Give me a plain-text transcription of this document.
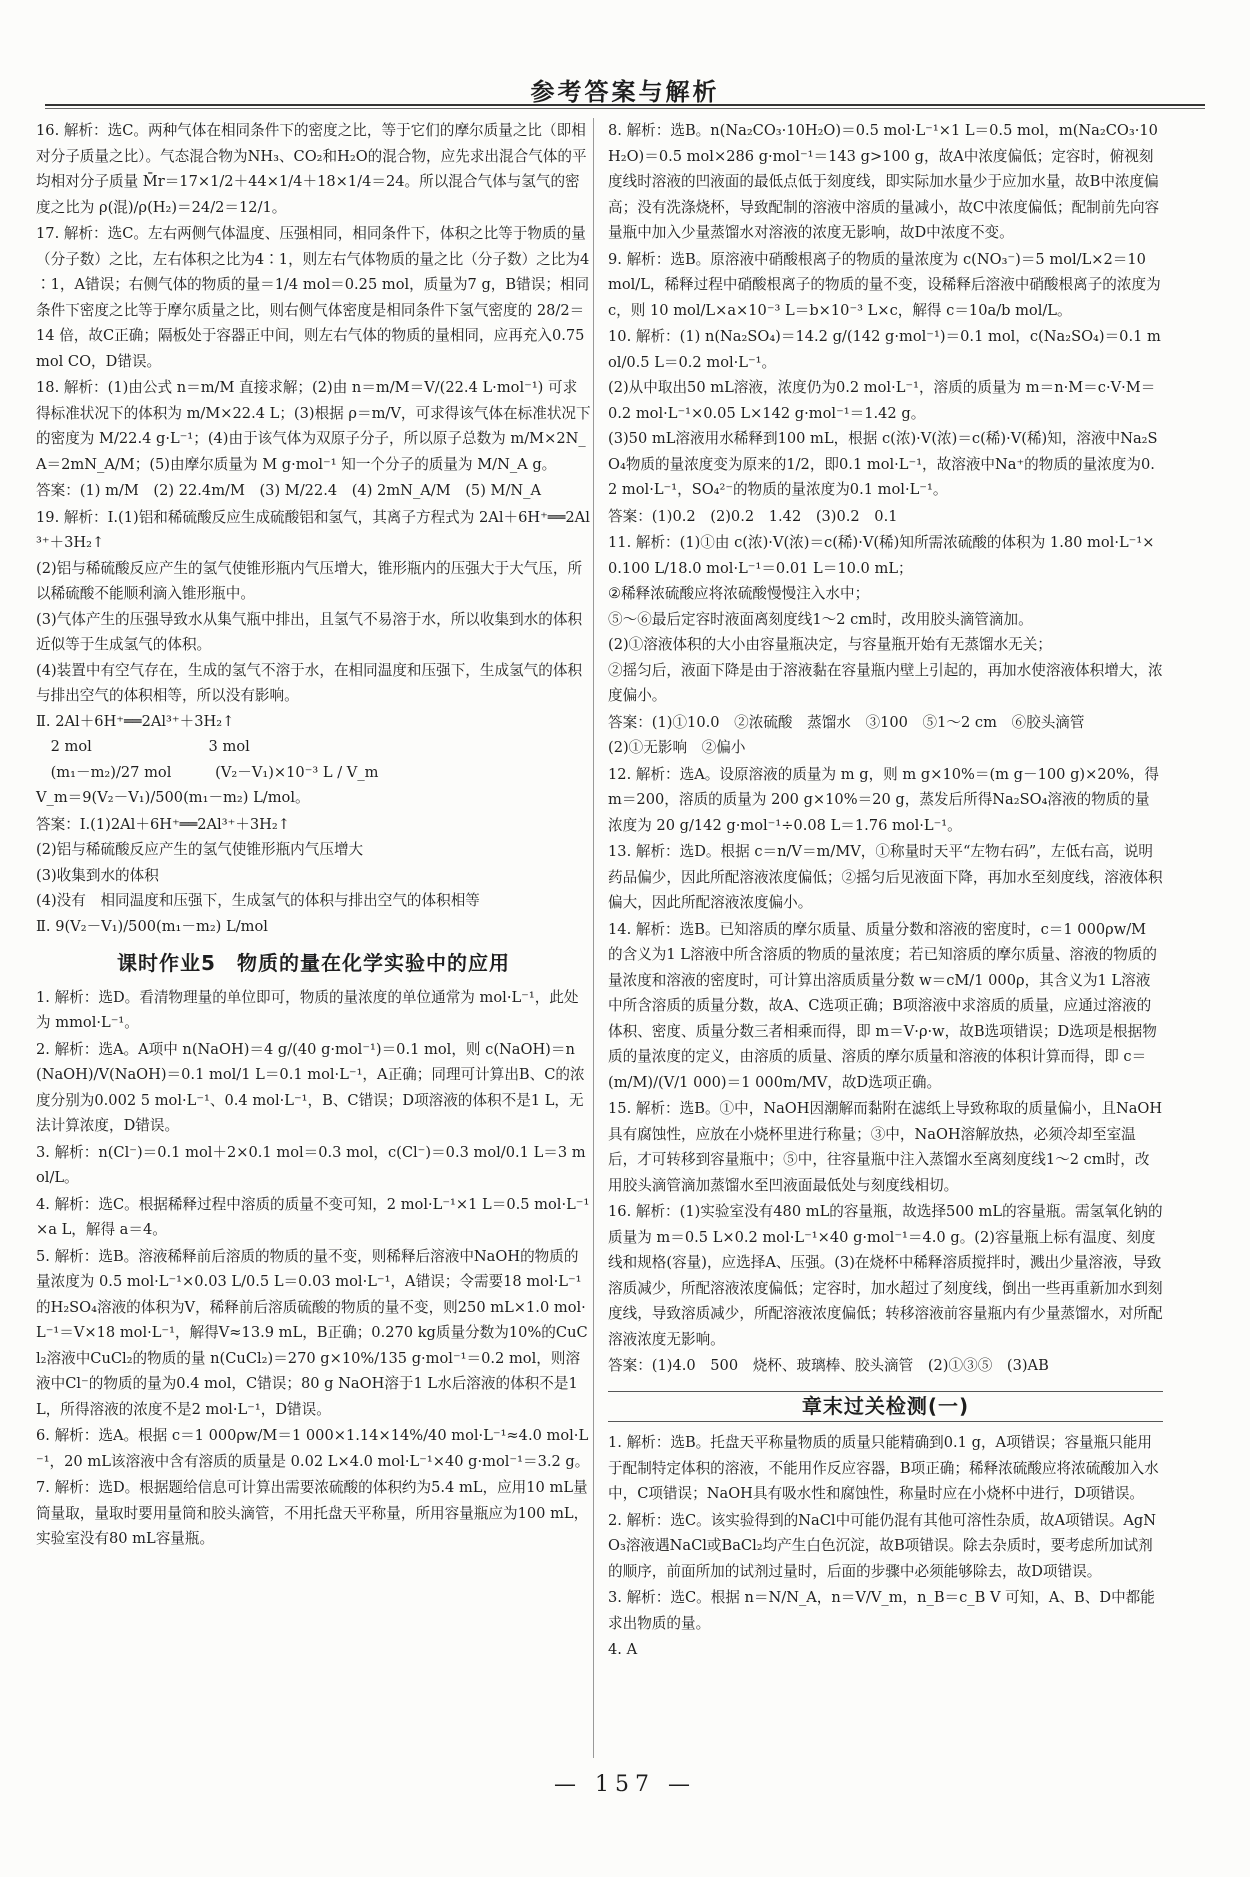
参考答案与解析
16. 解析：选C。两种气体在相同条件下的密度之比，等于它们的摩尔质量之比（即相对分子质量之比）。气态混合物为NH₃、CO₂和H₂O的混合物，应先求出混合气体的平均相对分子质量 M̄r＝17×1/2＋44×1/4＋18×1/4＝24。所以混合气体与氢气的密度之比为 ρ(混)/ρ(H₂)＝24/2＝12/1。
17. 解析：选C。左右两侧气体温度、压强相同，相同条件下，体积之比等于物质的量（分子数）之比，左右体积之比为4∶1，则左右气体物质的量之比（分子数）之比为4∶1，A错误；右侧气体的物质的量＝1/4 mol＝0.25 mol，质量为7 g，B错误；相同条件下密度之比等于摩尔质量之比，则右侧气体密度是相同条件下氢气密度的 28/2＝14 倍，故C正确；隔板处于容器正中间，则左右气体的物质的量相同，应再充入0.75 mol CO，D错误。
18. 解析：(1)由公式 n＝m/M 直接求解；(2)由 n＝m/M＝V/(22.4 L·mol⁻¹) 可求得标准状况下的体积为 m/M×22.4 L；(3)根据 ρ＝m/V，可求得该气体在标准状况下的密度为 M/22.4 g·L⁻¹；(4)由于该气体为双原子分子，所以原子总数为 m/M×2N_A＝2mN_A/M；(5)由摩尔质量为 M g·mol⁻¹ 知一个分子的质量为 M/N_A g。
答案：(1) m/M　(2) 22.4m/M　(3) M/22.4　(4) 2mN_A/M　(5) M/N_A
19. 解析：Ⅰ.(1)铝和稀硫酸反应生成硫酸铝和氢气，其离子方程式为 2Al＋6H⁺══2Al³⁺＋3H₂↑
(2)铝与稀硫酸反应产生的氢气使锥形瓶内气压增大，锥形瓶内的压强大于大气压，所以稀硫酸不能顺利滴入锥形瓶中。
(3)气体产生的压强导致水从集气瓶中排出，且氢气不易溶于水，所以收集到水的体积近似等于生成氢气的体积。
(4)装置中有空气存在，生成的氢气不溶于水，在相同温度和压强下，生成氢气的体积与排出空气的体积相等，所以没有影响。
Ⅱ. 2Al＋6H⁺══2Al³⁺＋3H₂↑
　2 mol　　　　　　　　3 mol
　(m₁－m₂)/27 mol　　　(V₂－V₁)×10⁻³ L / V_m
V_m＝9(V₂－V₁)/500(m₁－m₂) L/mol。
答案：Ⅰ.(1)2Al＋6H⁺══2Al³⁺＋3H₂↑
(2)铝与稀硫酸反应产生的氢气使锥形瓶内气压增大
(3)收集到水的体积
(4)没有　相同温度和压强下，生成氢气的体积与排出空气的体积相等
Ⅱ. 9(V₂－V₁)/500(m₁－m₂) L/mol
课时作业5　物质的量在化学实验中的应用
1. 解析：选D。看清物理量的单位即可，物质的量浓度的单位通常为 mol·L⁻¹，此处为 mmol·L⁻¹。
2. 解析：选A。A项中 n(NaOH)＝4 g/(40 g·mol⁻¹)＝0.1 mol，则 c(NaOH)＝n(NaOH)/V(NaOH)＝0.1 mol/1 L＝0.1 mol·L⁻¹，A正确；同理可计算出B、C的浓度分别为0.002 5 mol·L⁻¹、0.4 mol·L⁻¹，B、C错误；D项溶液的体积不是1 L，无法计算浓度，D错误。
3. 解析：n(Cl⁻)＝0.1 mol＋2×0.1 mol＝0.3 mol，c(Cl⁻)＝0.3 mol/0.1 L＝3 mol/L。
4. 解析：选C。根据稀释过程中溶质的质量不变可知，2 mol·L⁻¹×1 L＝0.5 mol·L⁻¹×a L，解得 a＝4。
5. 解析：选B。溶液稀释前后溶质的物质的量不变，则稀释后溶液中NaOH的物质的量浓度为 0.5 mol·L⁻¹×0.03 L/0.5 L＝0.03 mol·L⁻¹，A错误；令需要18 mol·L⁻¹ 的H₂SO₄溶液的体积为V，稀释前后溶质硫酸的物质的量不变，则250 mL×1.0 mol·L⁻¹＝V×18 mol·L⁻¹，解得V≈13.9 mL，B正确；0.270 kg质量分数为10%的CuCl₂溶液中CuCl₂的物质的量 n(CuCl₂)＝270 g×10%/135 g·mol⁻¹＝0.2 mol，则溶液中Cl⁻的物质的量为0.4 mol，C错误；80 g NaOH溶于1 L水后溶液的体积不是1 L，所得溶液的浓度不是2 mol·L⁻¹，D错误。
6. 解析：选A。根据 c＝1 000ρw/M＝1 000×1.14×14%/40 mol·L⁻¹≈4.0 mol·L⁻¹，20 mL该溶液中含有溶质的质量是 0.02 L×4.0 mol·L⁻¹×40 g·mol⁻¹＝3.2 g。
7. 解析：选D。根据题给信息可计算出需要浓硫酸的体积约为5.4 mL，应用10 mL量筒量取，量取时要用量筒和胶头滴管，不用托盘天平称量，所用容量瓶应为100 mL，实验室没有80 mL容量瓶。
8. 解析：选B。n(Na₂CO₃·10H₂O)＝0.5 mol·L⁻¹×1 L＝0.5 mol，m(Na₂CO₃·10H₂O)＝0.5 mol×286 g·mol⁻¹＝143 g>100 g，故A中浓度偏低；定容时，俯视刻度线时溶液的凹液面的最低点低于刻度线，即实际加水量少于应加水量，故B中浓度偏高；没有洗涤烧杯，导致配制的溶液中溶质的量减小，故C中浓度偏低；配制前先向容量瓶中加入少量蒸馏水对溶液的浓度无影响，故D中浓度不变。
9. 解析：选B。原溶液中硝酸根离子的物质的量浓度为 c(NO₃⁻)＝5 mol/L×2＝10 mol/L，稀释过程中硝酸根离子的物质的量不变，设稀释后溶液中硝酸根离子的浓度为c，则 10 mol/L×a×10⁻³ L＝b×10⁻³ L×c，解得 c＝10a/b mol/L。
10. 解析：(1) n(Na₂SO₄)＝14.2 g/(142 g·mol⁻¹)＝0.1 mol，c(Na₂SO₄)＝0.1 mol/0.5 L＝0.2 mol·L⁻¹。
(2)从中取出50 mL溶液，浓度仍为0.2 mol·L⁻¹，溶质的质量为 m＝n·M＝c·V·M＝0.2 mol·L⁻¹×0.05 L×142 g·mol⁻¹＝1.42 g。
(3)50 mL溶液用水稀释到100 mL，根据 c(浓)·V(浓)＝c(稀)·V(稀)知，溶液中Na₂SO₄物质的量浓度变为原来的1/2，即0.1 mol·L⁻¹，故溶液中Na⁺的物质的量浓度为0.2 mol·L⁻¹，SO₄²⁻的物质的量浓度为0.1 mol·L⁻¹。
答案：(1)0.2　(2)0.2　1.42　(3)0.2　0.1
11. 解析：(1)①由 c(浓)·V(浓)＝c(稀)·V(稀)知所需浓硫酸的体积为 1.80 mol·L⁻¹×0.100 L/18.0 mol·L⁻¹＝0.01 L＝10.0 mL；
②稀释浓硫酸应将浓硫酸慢慢注入水中；
⑤～⑥最后定容时液面离刻度线1～2 cm时，改用胶头滴管滴加。
(2)①溶液体积的大小由容量瓶决定，与容量瓶开始有无蒸馏水无关；
②摇匀后，液面下降是由于溶液黏在容量瓶内壁上引起的，再加水使溶液体积增大，浓度偏小。
答案：(1)①10.0　②浓硫酸　蒸馏水　③100　⑤1～2 cm　⑥胶头滴管
(2)①无影响　②偏小
12. 解析：选A。设原溶液的质量为 m g，则 m g×10%＝(m g－100 g)×20%，得 m＝200，溶质的质量为 200 g×10%＝20 g，蒸发后所得Na₂SO₄溶液的物质的量浓度为 20 g/142 g·mol⁻¹÷0.08 L＝1.76 mol·L⁻¹。
13. 解析：选D。根据 c＝n/V＝m/MV，①称量时天平“左物右码”，左低右高，说明药品偏少，因此所配溶液浓度偏低；②摇匀后见液面下降，再加水至刻度线，溶液体积偏大，因此所配溶液浓度偏小。
14. 解析：选B。已知溶质的摩尔质量、质量分数和溶液的密度时，c＝1 000ρw/M 的含义为1 L溶液中所含溶质的物质的量浓度；若已知溶质的摩尔质量、溶液的物质的量浓度和溶液的密度时，可计算出溶质质量分数 w＝cM/1 000ρ，其含义为1 L溶液中所含溶质的质量分数，故A、C选项正确；B项溶液中求溶质的质量，应通过溶液的体积、密度、质量分数三者相乘而得，即 m＝V·ρ·w，故B选项错误；D选项是根据物质的量浓度的定义，由溶质的质量、溶质的摩尔质量和溶液的体积计算而得，即 c＝(m/M)/(V/1 000)＝1 000m/MV，故D选项正确。
15. 解析：选B。①中，NaOH因潮解而黏附在滤纸上导致称取的质量偏小，且NaOH具有腐蚀性，应放在小烧杯里进行称量；③中，NaOH溶解放热，必须冷却至室温后，才可转移到容量瓶中；⑤中，往容量瓶中注入蒸馏水至离刻度线1～2 cm时，改用胶头滴管滴加蒸馏水至凹液面最低处与刻度线相切。
16. 解析：(1)实验室没有480 mL的容量瓶，故选择500 mL的容量瓶。需氢氧化钠的质量为 m＝0.5 L×0.2 mol·L⁻¹×40 g·mol⁻¹＝4.0 g。(2)容量瓶上标有温度、刻度线和规格(容量)，应选择A、压强。(3)在烧杯中稀释溶质搅拌时，溅出少量溶液，导致溶质减少，所配溶液浓度偏低；定容时，加水超过了刻度线，倒出一些再重新加水到刻度线，导致溶质减少，所配溶液浓度偏低；转移溶液前容量瓶内有少量蒸馏水，对所配溶液浓度无影响。
答案：(1)4.0　500　烧杯、玻璃棒、胶头滴管　(2)①③⑤　(3)AB
章末过关检测(一)
1. 解析：选B。托盘天平称量物质的质量只能精确到0.1 g，A项错误；容量瓶只能用于配制特定体积的溶液，不能用作反应容器，B项正确；稀释浓硫酸应将浓硫酸加入水中，C项错误；NaOH具有吸水性和腐蚀性，称量时应在小烧杯中进行，D项错误。
2. 解析：选C。该实验得到的NaCl中可能仍混有其他可溶性杂质，故A项错误。AgNO₃溶液遇NaCl或BaCl₂均产生白色沉淀，故B项错误。除去杂质时，要考虑所加试剂的顺序，前面所加的试剂过量时，后面的步骤中必须能够除去，故D项错误。
3. 解析：选C。根据 n＝N/N_A，n＝V/V_m，n_B＝c_B V 可知，A、B、D中都能求出物质的量。
4. A
— 157 —
